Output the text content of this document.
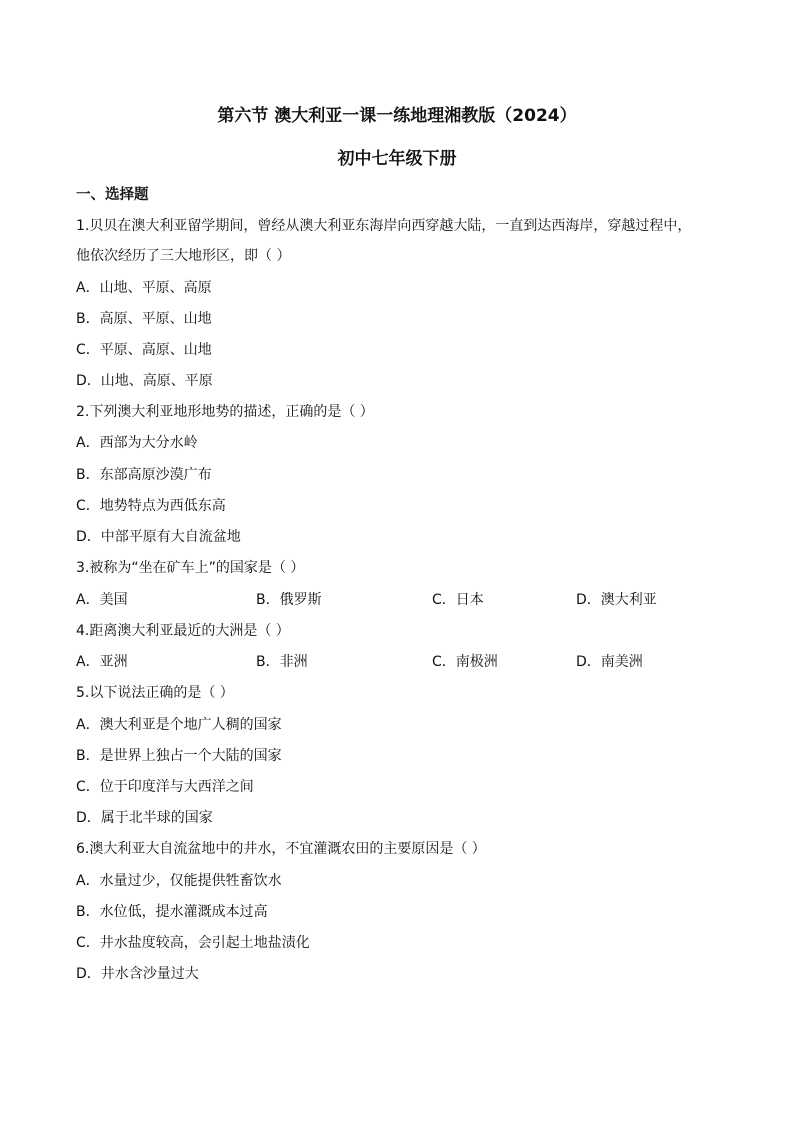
第六节 澳大利亚一课一练地理湘教版（2024）
初中七年级下册
一、选择题
1.贝贝在澳大利亚留学期间，曾经从澳大利亚东海岸向西穿越大陆，一直到达西海岸，穿越过程中，
他依次经历了三大地形区，即（ ）
A．山地、平原、高原
B．高原、平原、山地
C．平原、高原、山地
D．山地、高原、平原
2.下列澳大利亚地形地势的描述，正确的是（ ）
A．西部为大分水岭
B．东部高原沙漠广布
C．地势特点为西低东高
D．中部平原有大自流盆地
3.被称为“坐在矿车上”的国家是（ ）
A．美国	B．俄罗斯	C．日本	D．澳大利亚
4.距离澳大利亚最近的大洲是（ ）
A．亚洲	B．非洲	C．南极洲	D．南美洲
5.以下说法正确的是（ ）
A．澳大利亚是个地广人稠的国家
B．是世界上独占一个大陆的国家
C．位于印度洋与大西洋之间
D．属于北半球的国家
6.澳大利亚大自流盆地中的井水，不宜灌溉农田的主要原因是（ ）
A．水量过少，仅能提供牲畜饮水
B．水位低，提水灌溉成本过高
C．井水盐度较高，会引起土地盐渍化
D．井水含沙量过大
